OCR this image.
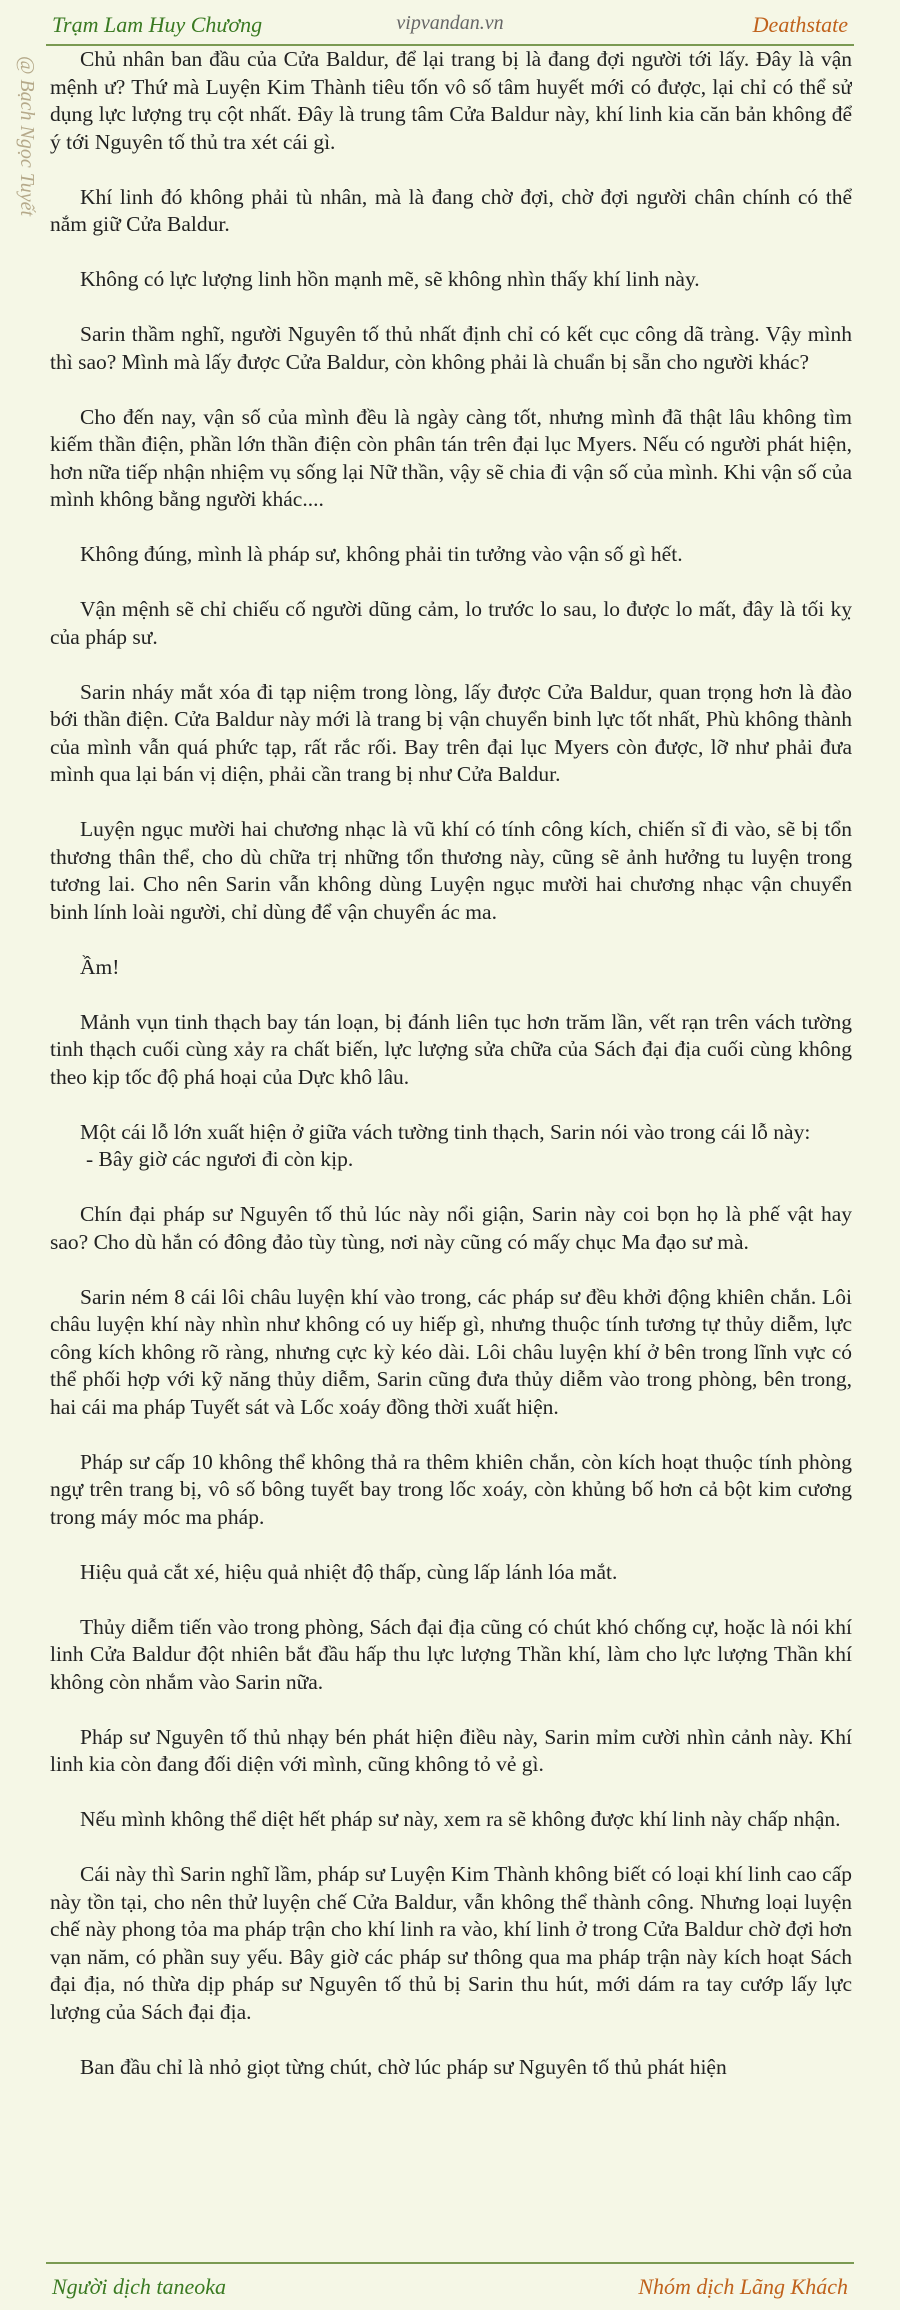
Trạm Lam Huy Chương	vipvandan.vn	Deathstate
@ Bạch Ngọc Tuyết	Chủ nhân ban đầu của Cửa Baldur, để lại trang bị là đang đợi người tới lấy. Đây là vận mệnh ư? Thứ mà Luyện Kim Thành tiêu tốn vô số tâm huyết mới có được, lại chỉ có thể sử dụng lực lượng trụ cột nhất. Đây là trung tâm Cửa Baldur này, khí linh kia căn bản không để ý tới Nguyên tố thủ tra xét cái gì.

Khí linh đó không phải tù nhân, mà là đang chờ đợi, chờ đợi người chân chính có thể nắm giữ Cửa Baldur.

Không có lực lượng linh hồn mạnh mẽ, sẽ không nhìn thấy khí linh này.

Sarin thầm nghĩ, người Nguyên tố thủ nhất định chỉ có kết cục công dã tràng. Vậy mình thì sao? Mình mà lấy được Cửa Baldur, còn không phải là chuẩn bị sẵn cho người khác?

Cho đến nay, vận số của mình đều là ngày càng tốt, nhưng mình đã thật lâu không tìm kiếm thần điện, phần lớn thần điện còn phân tán trên đại lục Myers. Nếu có người phát hiện, hơn nữa tiếp nhận nhiệm vụ sống lại Nữ thần, vậy sẽ chia đi vận số của mình. Khi vận số của mình không bằng người khác....

Không đúng, mình là pháp sư, không phải tin tưởng vào vận số gì hết.

Vận mệnh sẽ chỉ chiếu cố người dũng cảm, lo trước lo sau, lo được lo mất, đây là tối kỵ của pháp sư.

Sarin nháy mắt xóa đi tạp niệm trong lòng, lấy được Cửa Baldur, quan trọng hơn là đào bới thần điện. Cửa Baldur này mới là trang bị vận chuyển binh lực tốt nhất, Phù không thành của mình vẫn quá phức tạp, rất rắc rối. Bay trên đại lục Myers còn được, lỡ như phải đưa mình qua lại bán vị diện, phải cần trang bị như Cửa Baldur.

Luyện ngục mười hai chương nhạc là vũ khí có tính công kích, chiến sĩ đi vào, sẽ bị tổn thương thân thể, cho dù chữa trị những tổn thương này, cũng sẽ ảnh hưởng tu luyện trong tương lai. Cho nên Sarin vẫn không dùng Luyện ngục mười hai chương nhạc vận chuyển binh lính loài người, chỉ dùng để vận chuyển ác ma.

Ầm!

Mảnh vụn tinh thạch bay tán loạn, bị đánh liên tục hơn trăm lần, vết rạn trên vách tường tinh thạch cuối cùng xảy ra chất biến, lực lượng sửa chữa của Sách đại địa cuối cùng không theo kịp tốc độ phá hoại của Dực khô lâu.

Một cái lỗ lớn xuất hiện ở giữa vách tường tinh thạch, Sarin nói vào trong cái lỗ này:

- Bây giờ các ngươi đi còn kịp.

Chín đại pháp sư Nguyên tố thủ lúc này nổi giận, Sarin này coi bọn họ là phế vật hay sao? Cho dù hắn có đông đảo tùy tùng, nơi này cũng có mấy chục Ma đạo sư mà.

Sarin ném 8 cái lôi châu luyện khí vào trong, các pháp sư đều khởi động khiên chắn. Lôi châu luyện khí này nhìn như không có uy hiếp gì, nhưng thuộc tính tương tự thủy diễm, lực công kích không rõ ràng, nhưng cực kỳ kéo dài. Lôi châu luyện khí ở bên trong lĩnh vực có thể phối hợp với kỹ năng thủy diễm, Sarin cũng đưa thủy diễm vào trong phòng, bên trong, hai cái ma pháp Tuyết sát và Lốc xoáy đồng thời xuất hiện.

Pháp sư cấp 10 không thể không thả ra thêm khiên chắn, còn kích hoạt thuộc tính phòng ngự trên trang bị, vô số bông tuyết bay trong lốc xoáy, còn khủng bố hơn cả bột kim cương trong máy móc ma pháp.

Hiệu quả cắt xé, hiệu quả nhiệt độ thấp, cùng lấp lánh lóa mắt.

Thủy diễm tiến vào trong phòng, Sách đại địa cũng có chút khó chống cự, hoặc là nói khí linh Cửa Baldur đột nhiên bắt đầu hấp thu lực lượng Thần khí, làm cho lực lượng Thần khí không còn nhắm vào Sarin nữa.

Pháp sư Nguyên tố thủ nhạy bén phát hiện điều này, Sarin mỉm cười nhìn cảnh này. Khí linh kia còn đang đối diện với mình, cũng không tỏ vẻ gì.

Nếu mình không thể diệt hết pháp sư này, xem ra sẽ không được khí linh này chấp nhận.

Cái này thì Sarin nghĩ lầm, pháp sư Luyện Kim Thành không biết có loại khí linh cao cấp này tồn tại, cho nên thử luyện chế Cửa Baldur, vẫn không thể thành công. Nhưng loại luyện chế này phong tỏa ma pháp trận cho khí linh ra vào, khí linh ở trong Cửa Baldur chờ đợi hơn vạn năm, có phần suy yếu. Bây giờ các pháp sư thông qua ma pháp trận này kích hoạt Sách đại địa, nó thừa dịp pháp sư Nguyên tố thủ bị Sarin thu hút, mới dám ra tay cướp lấy lực lượng của Sách đại địa.

Ban đầu chỉ là nhỏ giọt từng chút, chờ lúc pháp sư Nguyên tố thủ phát hiện

Người dịch taneoka	Nhóm dịch Lãng Khách
